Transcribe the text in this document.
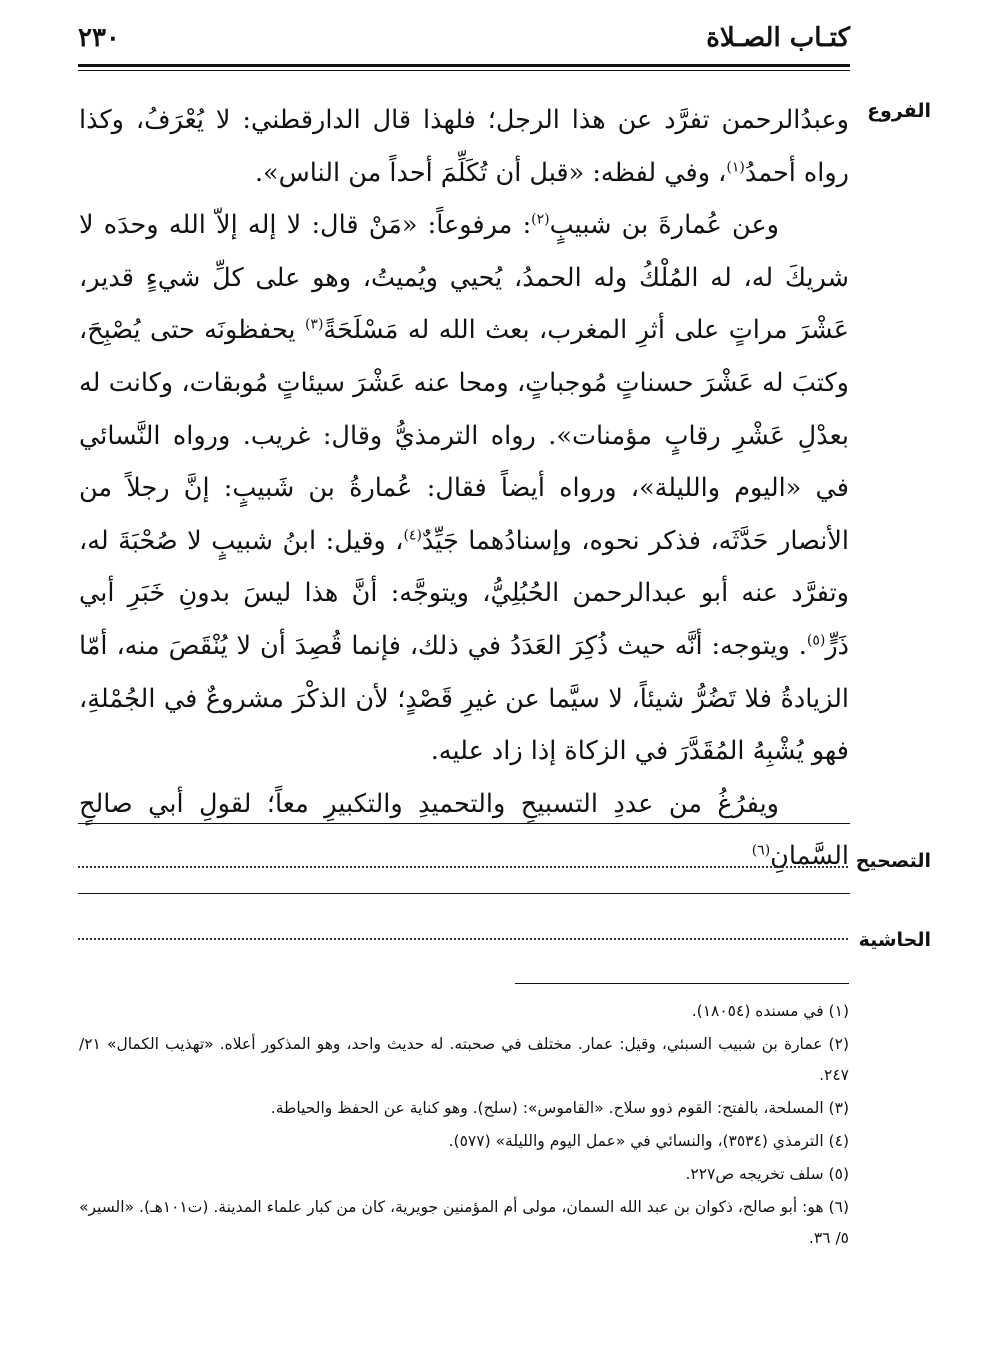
كتـاب الصـلاة
٢٣٠
الفروع

وعبدُالرحمن تفرَّد عن هذا الرجل؛ فلهذا قال الدارقطني: لا يُعْرَفُ، وكذا رواه أحمدُ$^{(١)}$، وفي لفظه: «قبل أن تُكَلِّمَ أحداً من الناس».

وعن عُمارةَ بن شبيبٍ$^{(٢)}$: مرفوعاً: «مَنْ قال: لا إله إلاّ الله وحدَه لا شريكَ له، له المُلْكُ وله الحمدُ، يُحيي ويُميتُ، وهو على كلِّ شيءٍ قدير، عَشْرَ مراتٍ على أثرِ المغرب، بعث الله له مَسْلَحَةً$^{(٣)}$ يحفظونَه حتى يُصْبِحَ، وكتبَ له عَشْرَ حسناتٍ مُوجباتٍ، ومحا عنه عَشْرَ سيئاتٍ مُوبقات، وكانت له بعدْلِ عَشْرِ رقابٍ مؤمنات». رواه الترمذيُّ وقال: غريب. ورواه النَّسائي في «اليوم والليلة»، ورواه أيضاً فقال: عُمارةُ بن شَبيبٍ: إنَّ رجلاً من الأنصار حَدَّثَه، فذكر نحوه، وإسنادُهما جَيِّدٌ$^{(٤)}$، وقيل: ابنُ شبيبٍ لا صُحْبَةَ له، وتفرَّد عنه أبو عبدالرحمن الحُبُلِيُّ، ويتوجَّه: أنَّ هذا ليسَ بدونِ خَبَرِ أبي ذَرٍّ$^{(٥)}$. ويتوجه: أنَّه حيث ذُكِرَ العَدَدُ في ذلك، فإنما قُصِدَ أن لا يُنْقَصَ منه، أمّا الزيادةُ فلا تَضُرُّ شيئاً، لا سيَّما عن غيرِ قَصْدٍ؛ لأن الذكْرَ مشروعٌ في الجُمْلةِ، فهو يُشْبِهُ المُقَدَّرَ في الزكاة إذا زاد عليه.

ويفرُغُ من عددِ التسبيحِ والتحميدِ والتكبيرِ معاً؛ لقولِ أبي صالحٍ السَّمانِ$^{(٦)}$	التصحيح
الحاشية

(١) في مسنده (١٨٠٥٤).

(٢) عمارة بن شبيب السبئي، وقيل: عمار. مختلف في صحبته. له حديث واحد، وهو المذكور أعلاه. «تهذيب الكمال» ٢١/ ٢٤٧.

(٣) المسلحة، بالفتح: القوم ذوو سلاح. «القاموس»: (سلح). وهو كناية عن الحفظ والحياطة.

(٤) الترمذي (٣٥٣٤)، والنسائي في «عمل اليوم والليلة» (٥٧٧).

(٥) سلف تخريجه ص٢٢٧.

(٦) هو: أبو صالح، ذكوان بن عبد الله السمان، مولى أم المؤمنين جويرية، كان من كبار علماء المدينة. (ت١٠١هـ). «السير» ٥/ ٣٦.
